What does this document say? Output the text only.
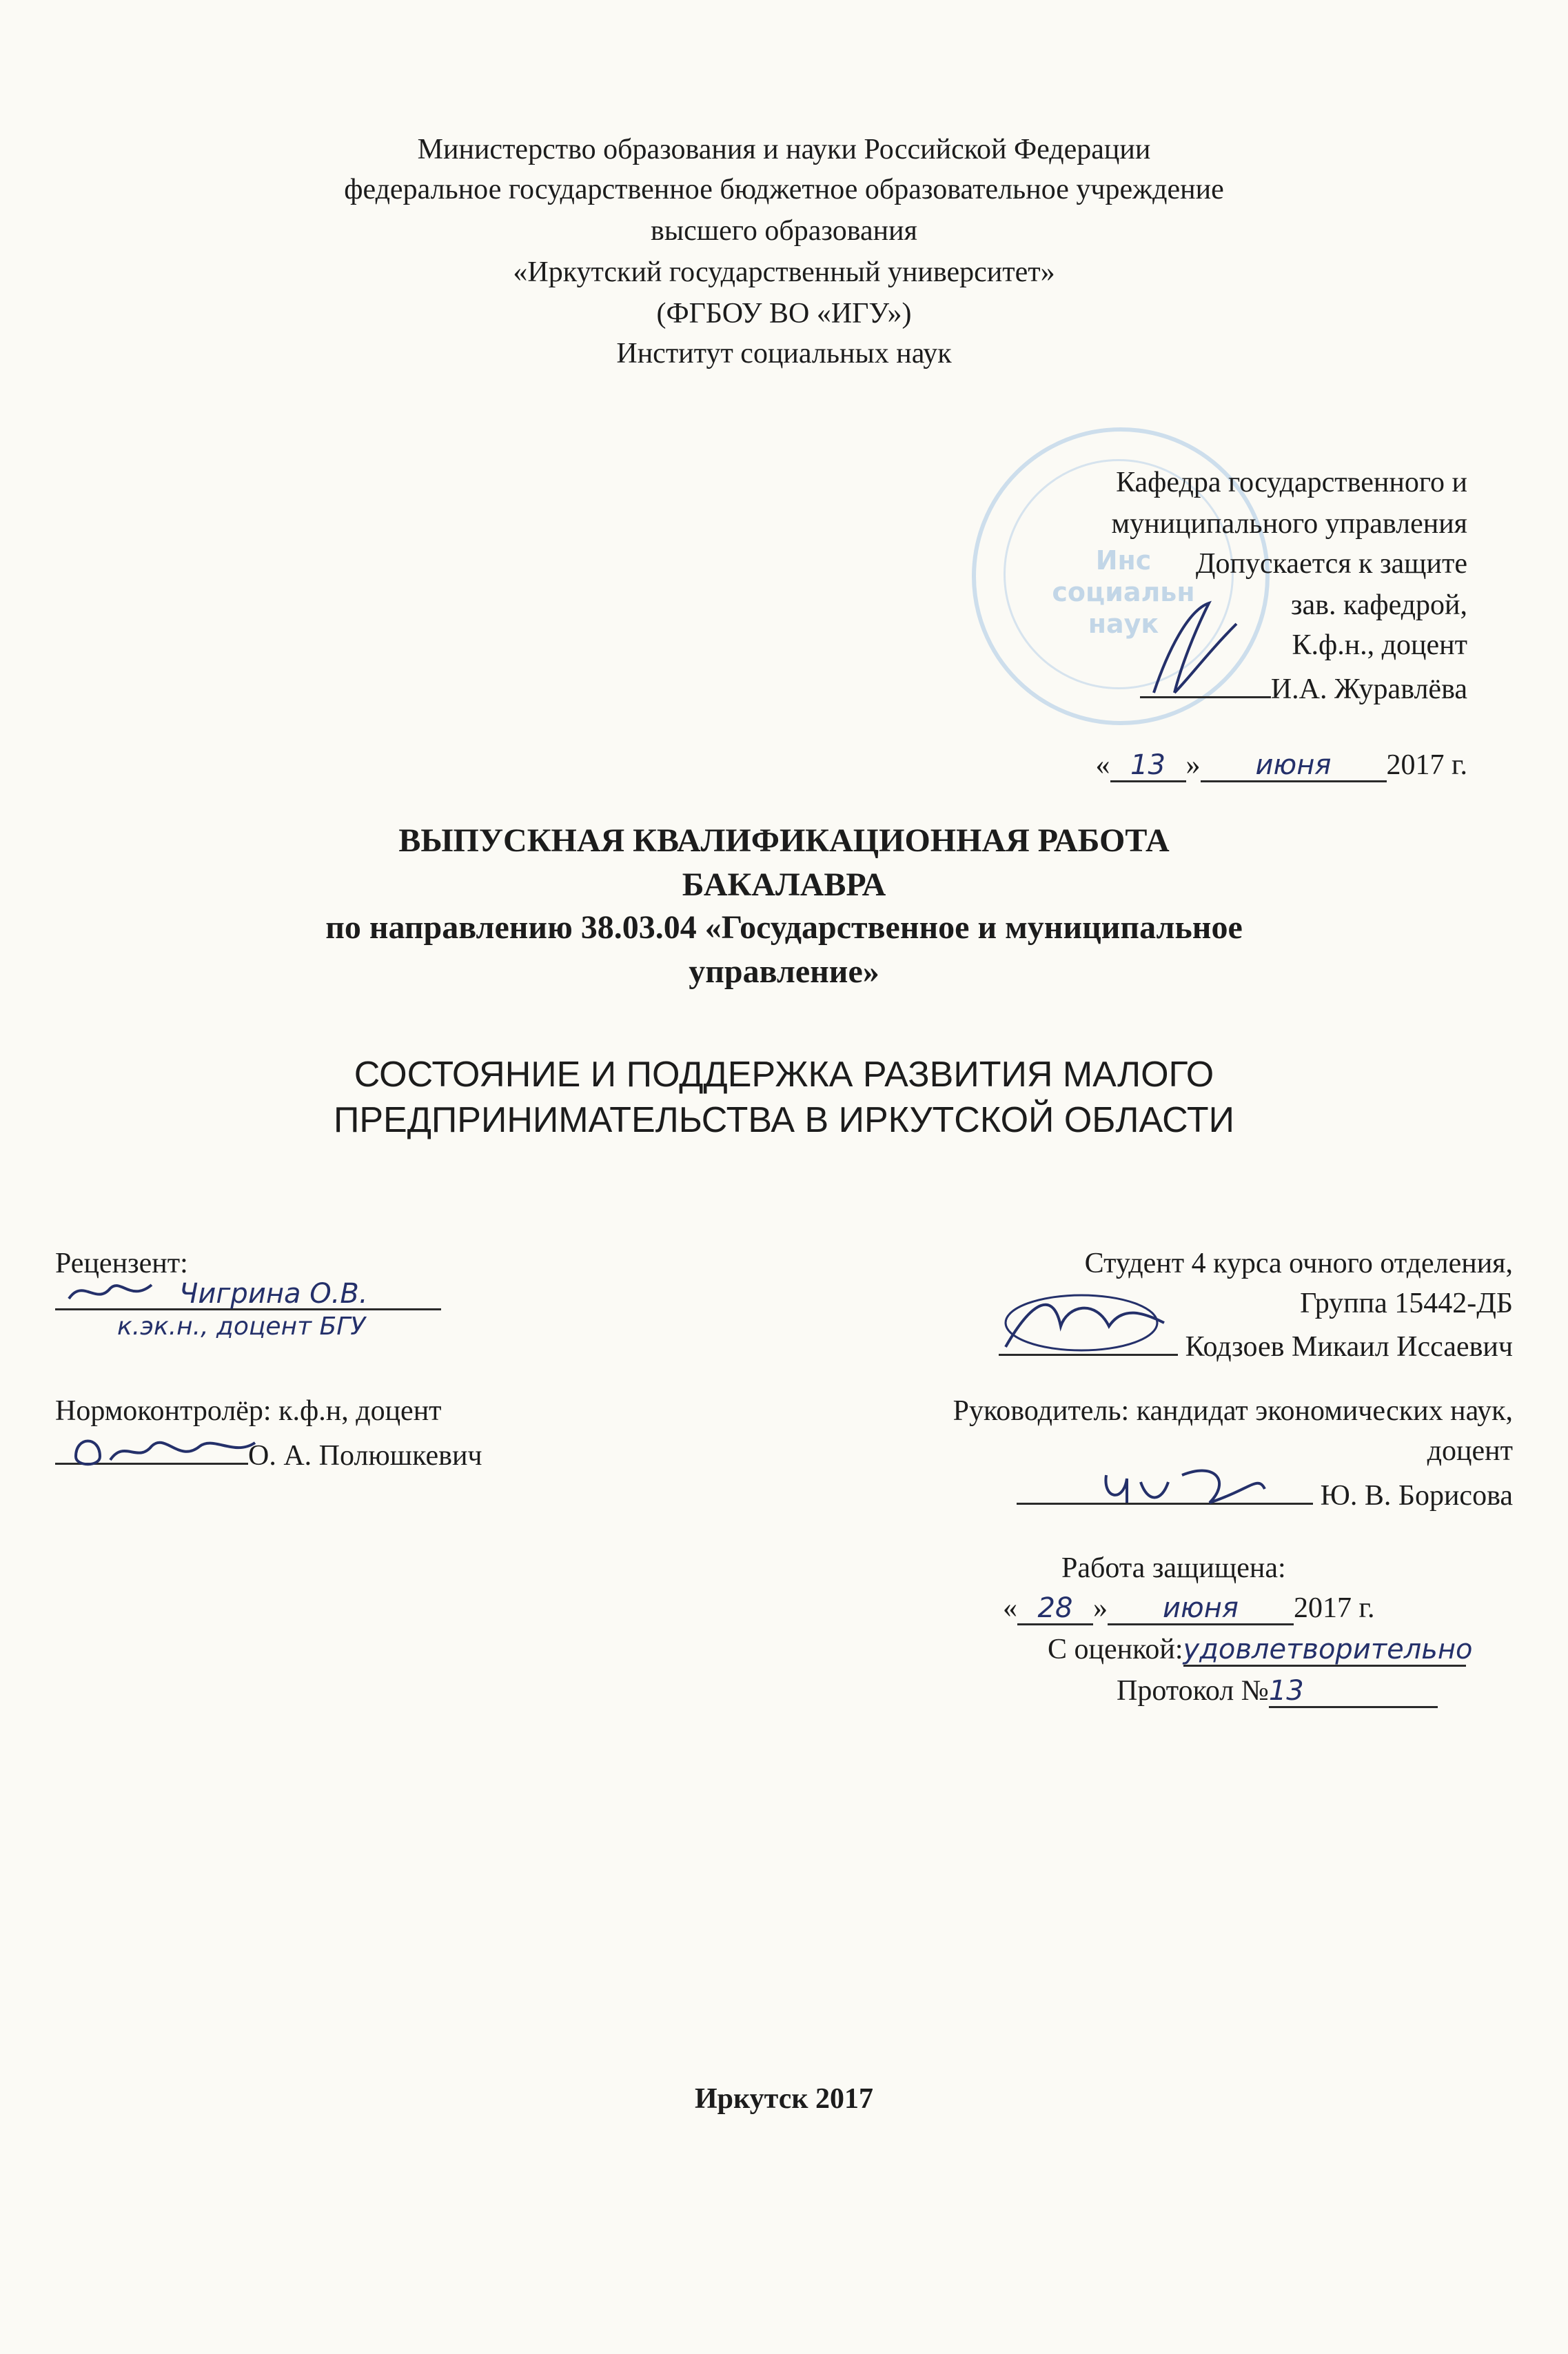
Министерство образования и науки Российской Федерации
федеральное государственное бюджетное образовательное учреждение
высшего образования
«Иркутский государственный университет»
(ФГБОУ ВО «ИГУ»)
Институт социальных наук
Инс
социальн
наук
Кафедра государственного и
муниципального управления
Допускается к защите
зав. кафедрой,
К.ф.н., доцент
И.А. Журавлёва
« 13 » июня 2017 г.
ВЫПУСКНАЯ КВАЛИФИКАЦИОННАЯ РАБОТА
БАКАЛАВРА
по направлению 38.03.04 «Государственное и муниципальное
управление»
СОСТОЯНИЕ И ПОДДЕРЖКА РАЗВИТИЯ МАЛОГО
ПРЕДПРИНИМАТЕЛЬСТВА В ИРКУТСКОЙ ОБЛАСТИ
Рецензент:
Чигрина О.В.
к.эк.н., доцент БГУ
Студент 4 курса очного отделения,
Группа 15442-ДБ
Кодзоев Микаил Иссаевич
Нормоконтролёр: к.ф.н, доцент
О. А. Полюшкевич
Руководитель: кандидат экономических наук,
доцент
Ю. В. Борисова
Работа защищена:
« 28 » июня 2017 г.
С оценкой:удовлетворительно
Протокол №13
Иркутск 2017
